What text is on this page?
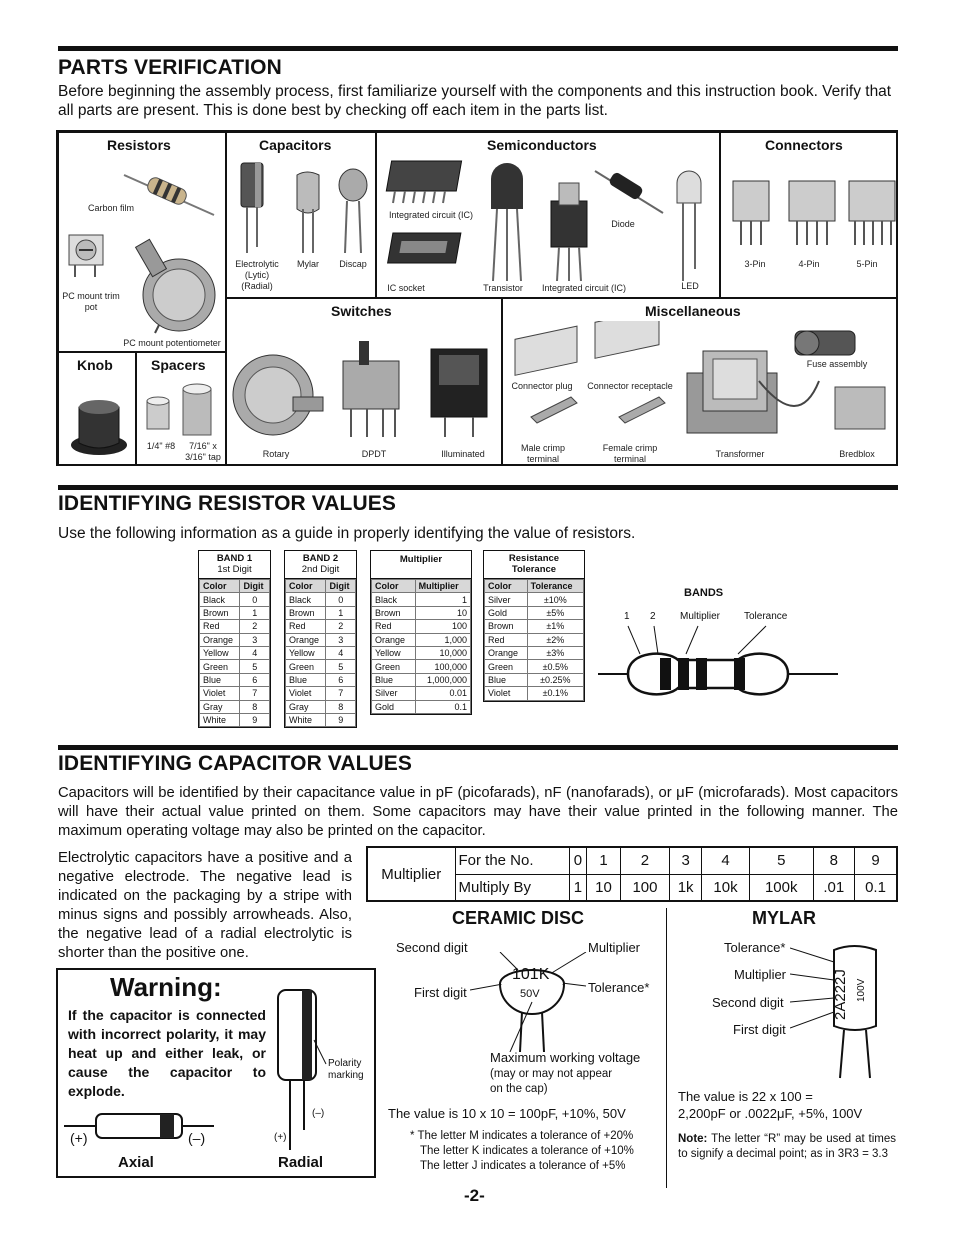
PARTS VERIFICATION
Before beginning the assembly process, first familiarize yourself with the components and this instruction book. Verify that all parts are present. This is done best by checking off each item in the parts list.
Resistors
Carbon film
PC mount trim pot
PC mount potentiometer
Capacitors
Electrolytic (Lytic) (Radial)
Mylar	Discap
Semiconductors
Integrated circuit (IC)
IC socket	Transistor	Integrated circuit (IC)
Diode
LED
Connectors
3-Pin	4-Pin	5-Pin
Knob	Spacers
1/4" #8	7/16" x 3/16" tap
Switches
Rotary	DPDT	Illuminated
Miscellaneous
Connector plug	Connector receptacle
Male crimp terminal
Female crimp terminal	Transformer
Fuse assembly
Bredblox
IDENTIFYING RESISTOR VALUES
Use the following information as a guide in properly identifying the value of resistors.
BAND 1
1st Digit
Color	Digit
Black	0
Brown	1
Red	2
Orange	3
Yellow	4
Green	5
Blue	6
Violet	7
Gray	8
White	9
BAND 2
2nd Digit
Color	Digit
Black	0
Brown	1
Red	2
Orange	3
Yellow	4
Green	5
Blue	6
Violet	7
Gray	8
White	9
Multiplier
Color	Multiplier
Black	1
Brown	10
Red	100
Orange	1,000
Yellow	10,000
Green	100,000
Blue	1,000,000
Silver	0.01
Gold	0.1
Resistance
Tolerance
Color	Tolerance
Silver	±10%
Gold	±5%
Brown	±1%
Red	±2%
Orange	±3%
Green	±0.5%
Blue	±0.25%
Violet	±0.1%
BANDS
1 2 Multiplier Tolerance
IDENTIFYING CAPACITOR VALUES
Capacitors will be identified by their capacitance value in pF (picofarads), nF (nanofarads), or μF (microfarads). Most capacitors will have their actual value printed on them. Some capacitors may have their value printed in the following manner. The maximum operating voltage may also be printed on the capacitor.
Electrolytic capacitors have a positive and a negative electrode. The negative lead is indicated on the packaging by a stripe with minus signs and possibly arrowheads. Also, the negative lead of a radial electrolytic is shorter than the positive one.
Multiplier	For the No.	0	1	2	3	4	5	8	9
	Multiply By	1	10	100	1k	10k	100k	.01	0.1
Warning:
If the capacitor is connected with incorrect polarity, it may heat up and either leak, or cause the capacitor to explode.
(+)	(–)
Axial
Polarity marking
(–)
(+)
Radial
CERAMIC DISC
Second digit	Multiplier
First digit	Tolerance*
101K
50V
Maximum working voltage
(may or may not appear
on the cap)
The value is 10 x 10 = 100pF, +10%, 50V
* The letter M indicates a tolerance of +20%
The letter K indicates a tolerance of +10%
The letter J indicates a tolerance of +5%
MYLAR
Tolerance*
Multiplier
Second digit
First digit
2A222J 100V
The value is 22 x 100 =
2,200pF or .0022μF, +5%, 100V
Note: The letter “R” may be used at times to signify a decimal point; as in 3R3 = 3.3
-2-
